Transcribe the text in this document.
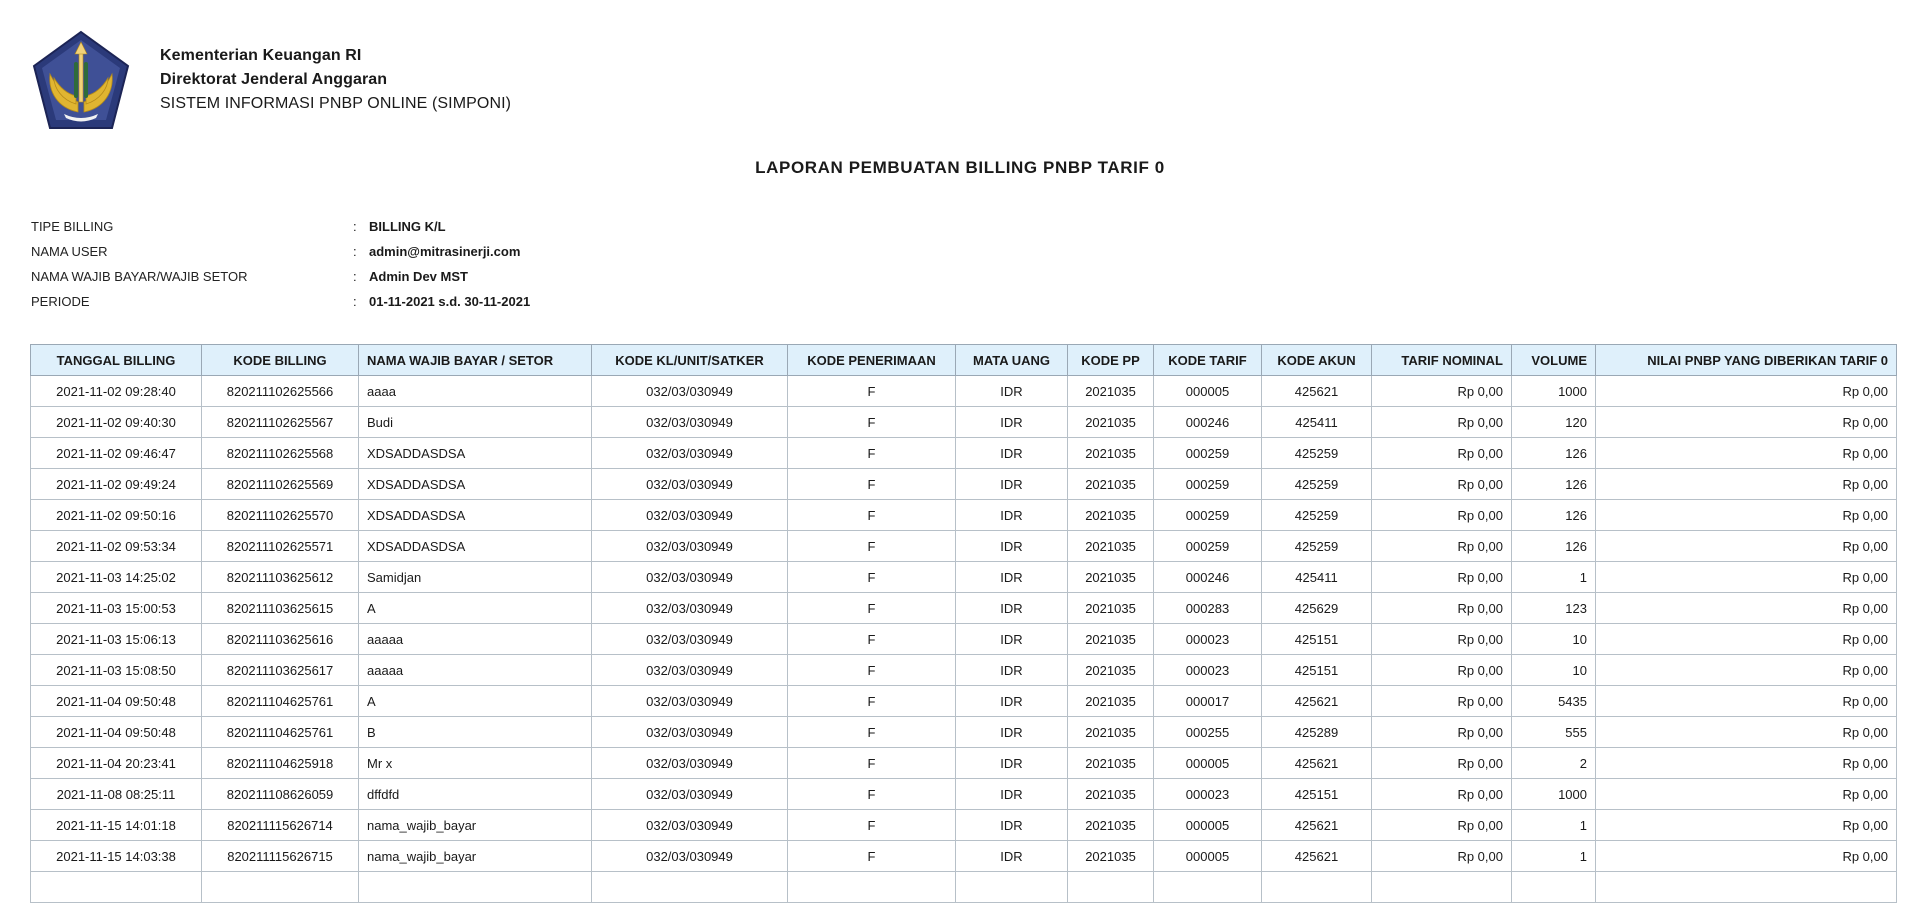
Kementerian Keuangan RI
Direktorat Jenderal Anggaran
SISTEM INFORMASI PNBP ONLINE (SIMPONI)
LAPORAN PEMBUATAN BILLING PNBP TARIF 0
TIPE BILLING	: BILLING K/L
NAMA USER	: admin@mitrasinerji.com
NAMA WAJIB BAYAR/WAJIB SETOR	: Admin Dev MST
PERIODE	: 01-11-2021 s.d. 30-11-2021
TANGGAL BILLING	KODE BILLING	NAMA WAJIB BAYAR / SETOR	KODE KL/UNIT/SATKER	KODE PENERIMAAN	MATA UANG	KODE PP	KODE TARIF	KODE AKUN	TARIF NOMINAL	VOLUME	NILAI PNBP YANG DIBERIKAN TARIF 0
2021-11-02 09:28:40	820211102625566	aaaa	032/03/030949	F	IDR	2021035	000005	425621	Rp 0,00	1000	Rp 0,00
2021-11-02 09:40:30	820211102625567	Budi	032/03/030949	F	IDR	2021035	000246	425411	Rp 0,00	120	Rp 0,00
2021-11-02 09:46:47	820211102625568	XDSADDASDSA	032/03/030949	F	IDR	2021035	000259	425259	Rp 0,00	126	Rp 0,00
2021-11-02 09:49:24	820211102625569	XDSADDASDSA	032/03/030949	F	IDR	2021035	000259	425259	Rp 0,00	126	Rp 0,00
2021-11-02 09:50:16	820211102625570	XDSADDASDSA	032/03/030949	F	IDR	2021035	000259	425259	Rp 0,00	126	Rp 0,00
2021-11-02 09:53:34	820211102625571	XDSADDASDSA	032/03/030949	F	IDR	2021035	000259	425259	Rp 0,00	126	Rp 0,00
2021-11-03 14:25:02	820211103625612	Samidjan	032/03/030949	F	IDR	2021035	000246	425411	Rp 0,00	1	Rp 0,00
2021-11-03 15:00:53	820211103625615	A	032/03/030949	F	IDR	2021035	000283	425629	Rp 0,00	123	Rp 0,00
2021-11-03 15:06:13	820211103625616	aaaaa	032/03/030949	F	IDR	2021035	000023	425151	Rp 0,00	10	Rp 0,00
2021-11-03 15:08:50	820211103625617	aaaaa	032/03/030949	F	IDR	2021035	000023	425151	Rp 0,00	10	Rp 0,00
2021-11-04 09:50:48	820211104625761	A	032/03/030949	F	IDR	2021035	000017	425621	Rp 0,00	5435	Rp 0,00
2021-11-04 09:50:48	820211104625761	B	032/03/030949	F	IDR	2021035	000255	425289	Rp 0,00	555	Rp 0,00
2021-11-04 20:23:41	820211104625918	Mr x	032/03/030949	F	IDR	2021035	000005	425621	Rp 0,00	2	Rp 0,00
2021-11-08 08:25:11	820211108626059	dffdfd	032/03/030949	F	IDR	2021035	000023	425151	Rp 0,00	1000	Rp 0,00
2021-11-15 14:01:18	820211115626714	nama_wajib_bayar	032/03/030949	F	IDR	2021035	000005	425621	Rp 0,00	1	Rp 0,00
2021-11-15 14:03:38	820211115626715	nama_wajib_bayar	032/03/030949	F	IDR	2021035	000005	425621	Rp 0,00	1	Rp 0,00
